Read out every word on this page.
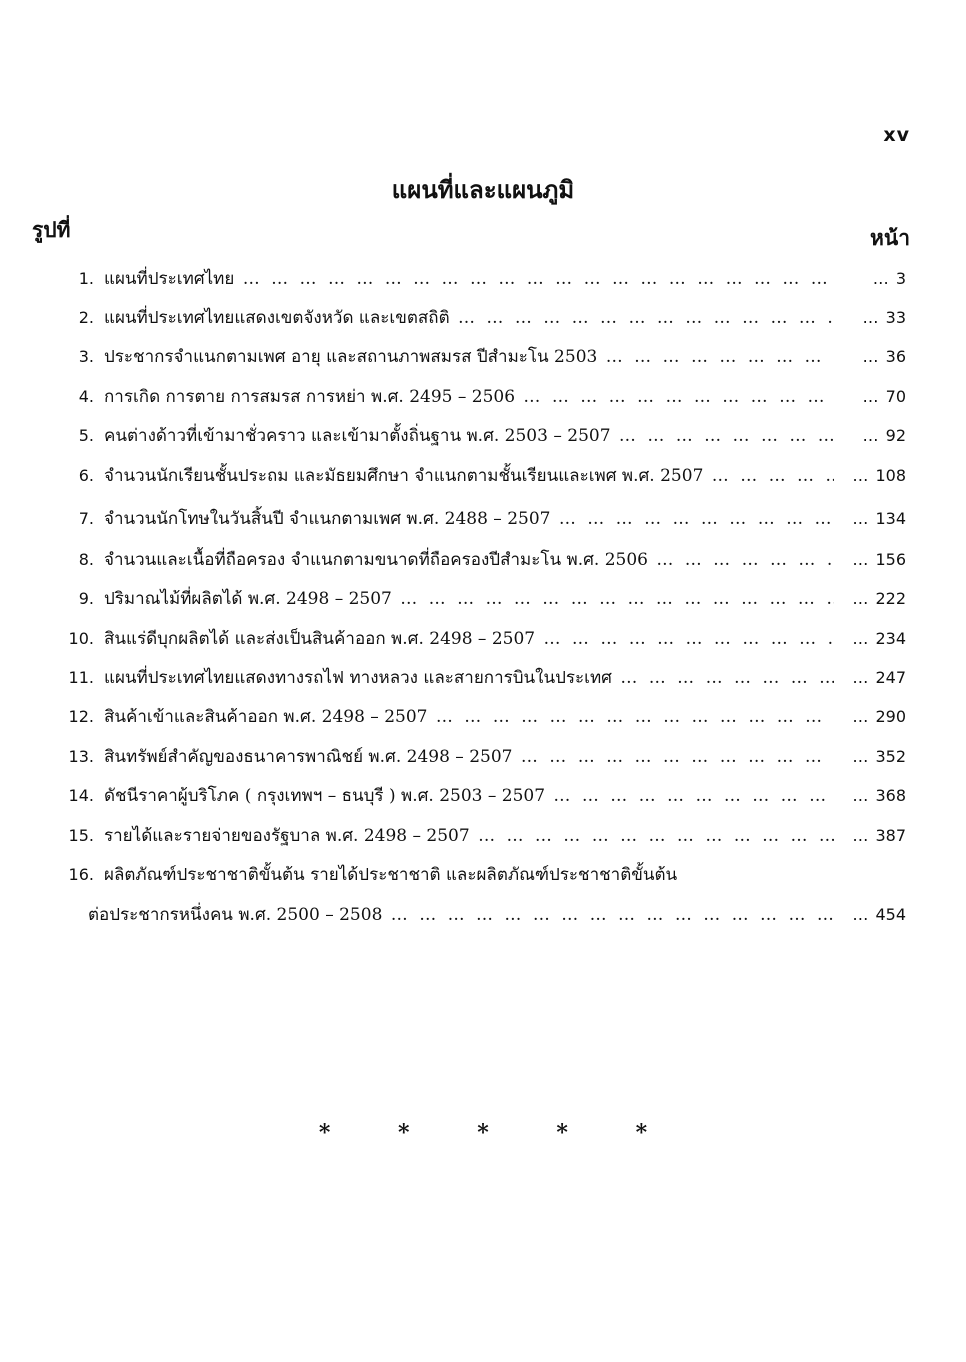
xv
แผนที่และแผนภูมิ
รูปที่	หน้า
1. แผนที่ประเทศไทย … … … … … … … … … … … … … … … … … … … … … … … … … … … … … … … … … … … … … … … … … … …	… 3
2. แผนที่ประเทศไทยแสดงเขตจังหวัด และเขตสถิติ … … … … … … … … … … … … … … … … … … … … … … … … … … … … … … … … … … … … … … … … … … …	… 33
3. ประชากรจำแนกตามเพศ อายุ และสถานภาพสมรส ปีสำมะโน 2503 … … … … … … … … … … … … … … … … … … … … … … … … … … … … … … … … … … … … … … … … … … …	… 36
4. การเกิด การตาย การสมรส การหย่า พ.ศ. 2495 – 2506 … … … … … … … … … … … … … … … … … … … … … … … … … … … … … … … … … … … … … … … … … … …	… 70
5. คนต่างด้าวที่เข้ามาชั่วคราว และเข้ามาตั้งถิ่นฐาน พ.ศ. 2503 – 2507 … … … … … … … … … … … … … … … … … … … … … … … … … … … … … … … … … … … … … … … … … … …	… 92
6. จำนวนนักเรียนชั้นประถม และมัธยมศึกษา จำแนกตามชั้นเรียนและเพศ พ.ศ. 2507 … … … … … … … … … … … … … … … … … … … … … … … … … … … … … … … … … … … … … … … … … … …	… 108
7. จำนวนนักโทษในวันสิ้นปี จำแนกตามเพศ พ.ศ. 2488 – 2507 … … … … … … … … … … … … … … … … … … … … … … … … … … … … … … … … … … … … … … … … … … …	… 134
8. จำนวนและเนื้อที่ถือครอง จำแนกตามขนาดที่ถือครองปีสำมะโน พ.ศ. 2506 … … … … … … … … … … … … … … … … … … … … … … … … … … … … … … … … … … … … … … … … … … …	… 156
9. ปริมาณไม้ที่ผลิตได้ พ.ศ. 2498 – 2507 … … … … … … … … … … … … … … … … … … … … … … … … … … … … … … … … … … … … … … … … … … …	… 222
10. สินแร่ดีบุกผลิตได้ และส่งเป็นสินค้าออก พ.ศ. 2498 – 2507 … … … … … … … … … … … … … … … … … … … … … … … … … … … … … … … … … … … … … … … … … … …	… 234
11. แผนที่ประเทศไทยแสดงทางรถไฟ ทางหลวง และสายการบินในประเทศ … … … … … … … … … … … … … … … … … … … … … … … … … … … … … … … … … … … … … … … … … … …	… 247
12. สินค้าเข้าและสินค้าออก พ.ศ. 2498 – 2507 … … … … … … … … … … … … … … … … … … … … … … … … … … … … … … … … … … … … … … … … … … …	… 290
13. สินทรัพย์สำคัญของธนาคารพาณิชย์ พ.ศ. 2498 – 2507 … … … … … … … … … … … … … … … … … … … … … … … … … … … … … … … … … … … … … … … … … … …	… 352
14. ดัชนีราคาผู้บริโภค ( กรุงเทพฯ – ธนบุรี ) พ.ศ. 2503 – 2507 … … … … … … … … … … … … … … … … … … … … … … … … … … … … … … … … … … … … … … … … … … …	… 368
15. รายได้และรายจ่ายของรัฐบาล พ.ศ. 2498 – 2507 … … … … … … … … … … … … … … … … … … … … … … … … … … … … … … … … … … … … … … … … … … …	… 387
16. ผลิตภัณฑ์ประชาชาติขั้นต้น รายได้ประชาชาติ และผลิตภัณฑ์ประชาชาติขั้นต้น
ต่อประชากรหนึ่งคน พ.ศ. 2500 – 2508 … … … … … … … … … … … … … … … … … … … … … … … … … … … … … … … … … … … … … … … … … … …	… 454
*	*	*	*	*
